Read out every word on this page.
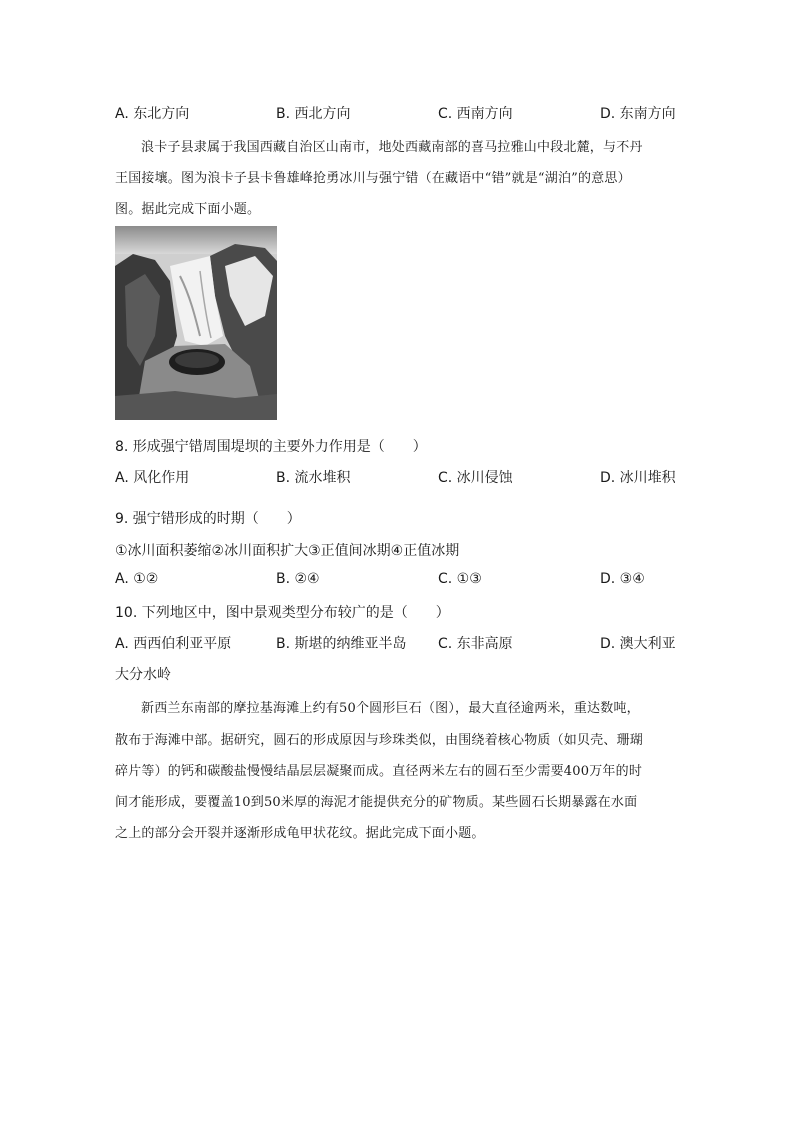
A. 东北方向	B. 西北方向	C. 西南方向	D. 东南方向
浪卡子县隶属于我国西藏自治区山南市，地处西藏南部的喜马拉雅山中段北麓，与不丹
王国接壤。图为浪卡子县卡鲁雄峰抢勇冰川与强宁错（在藏语中“错”就是“湖泊”的意思）
图。据此完成下面小题。
8. 形成强宁错周围堤坝的主要外力作用是（　　）
A. 风化作用	B. 流水堆积	C. 冰川侵蚀	D. 冰川堆积
9. 强宁错形成的时期（　　）
①冰川面积萎缩②冰川面积扩大③正值间冰期④正值冰期
A. ①②	B. ②④	C. ①③	D. ③④
10. 下列地区中，图中景观类型分布较广的是（　　）
A. 西西伯利亚平原	B. 斯堪的纳维亚半岛 C. 东非高原	D. 澳大利亚
大分水岭
新西兰东南部的摩拉基海滩上约有50个圆形巨石（图），最大直径逾两米，重达数吨，
散布于海滩中部。据研究，圆石的形成原因与珍珠类似，由围绕着核心物质（如贝壳、珊瑚
碎片等）的钙和碳酸盐慢慢结晶层层凝聚而成。直径两米左右的圆石至少需要400万年的时
间才能形成，要覆盖10到50米厚的海泥才能提供充分的矿物质。某些圆石长期暴露在水面
之上的部分会开裂并逐渐形成龟甲状花纹。据此完成下面小题。
